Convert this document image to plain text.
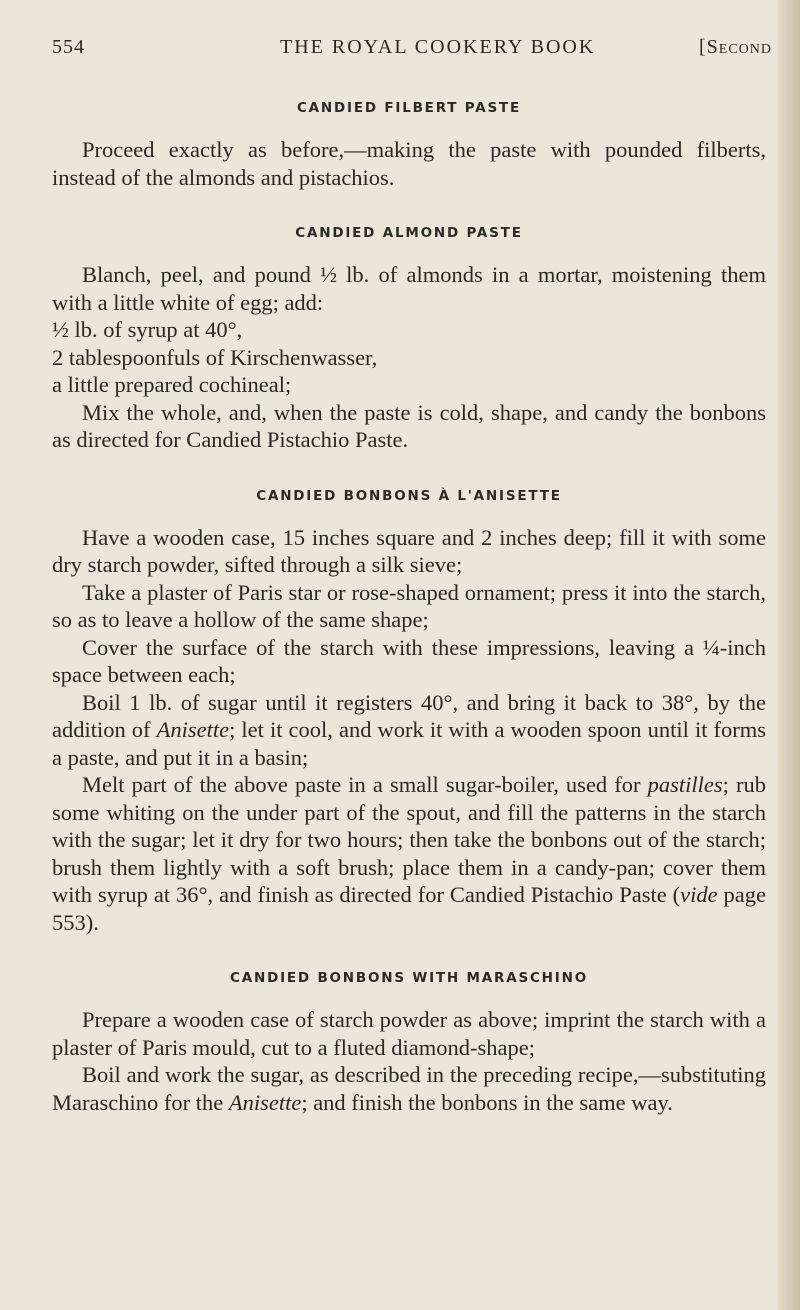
554	THE ROYAL COOKERY BOOK	[Second
CANDIED FILBERT PASTE

Proceed exactly as before,—making the paste with pounded filberts, instead of the almonds and pistachios.

CANDIED ALMOND PASTE

Blanch, peel, and pound ½ lb. of almonds in a mortar, moistening them with a little white of egg; add:

½ lb. of syrup at 40°,

2 tablespoonfuls of Kirschenwasser,

a little prepared cochineal;

Mix the whole, and, when the paste is cold, shape, and candy the bonbons as directed for Candied Pistachio Paste.

CANDIED BONBONS À L'ANISETTE

Have a wooden case, 15 inches square and 2 inches deep; fill it with some dry starch powder, sifted through a silk sieve;

Take a plaster of Paris star or rose-shaped ornament; press it into the starch, so as to leave a hollow of the same shape;

Cover the surface of the starch with these impressions, leaving a ¼-inch space between each;

Boil 1 lb. of sugar until it registers 40°, and bring it back to 38°, by the addition of Anisette; let it cool, and work it with a wooden spoon until it forms a paste, and put it in a basin;

Melt part of the above paste in a small sugar-boiler, used for pastilles; rub some whiting on the under part of the spout, and fill the patterns in the starch with the sugar; let it dry for two hours; then take the bonbons out of the starch; brush them lightly with a soft brush; place them in a candy-pan; cover them with syrup at 36°, and finish as directed for Candied Pistachio Paste (vide page 553).

CANDIED BONBONS WITH MARASCHINO

Prepare a wooden case of starch powder as above; imprint the starch with a plaster of Paris mould, cut to a fluted diamond-shape;

Boil and work the sugar, as described in the preceding recipe,—substituting Maraschino for the Anisette; and finish the bonbons in the same way.
